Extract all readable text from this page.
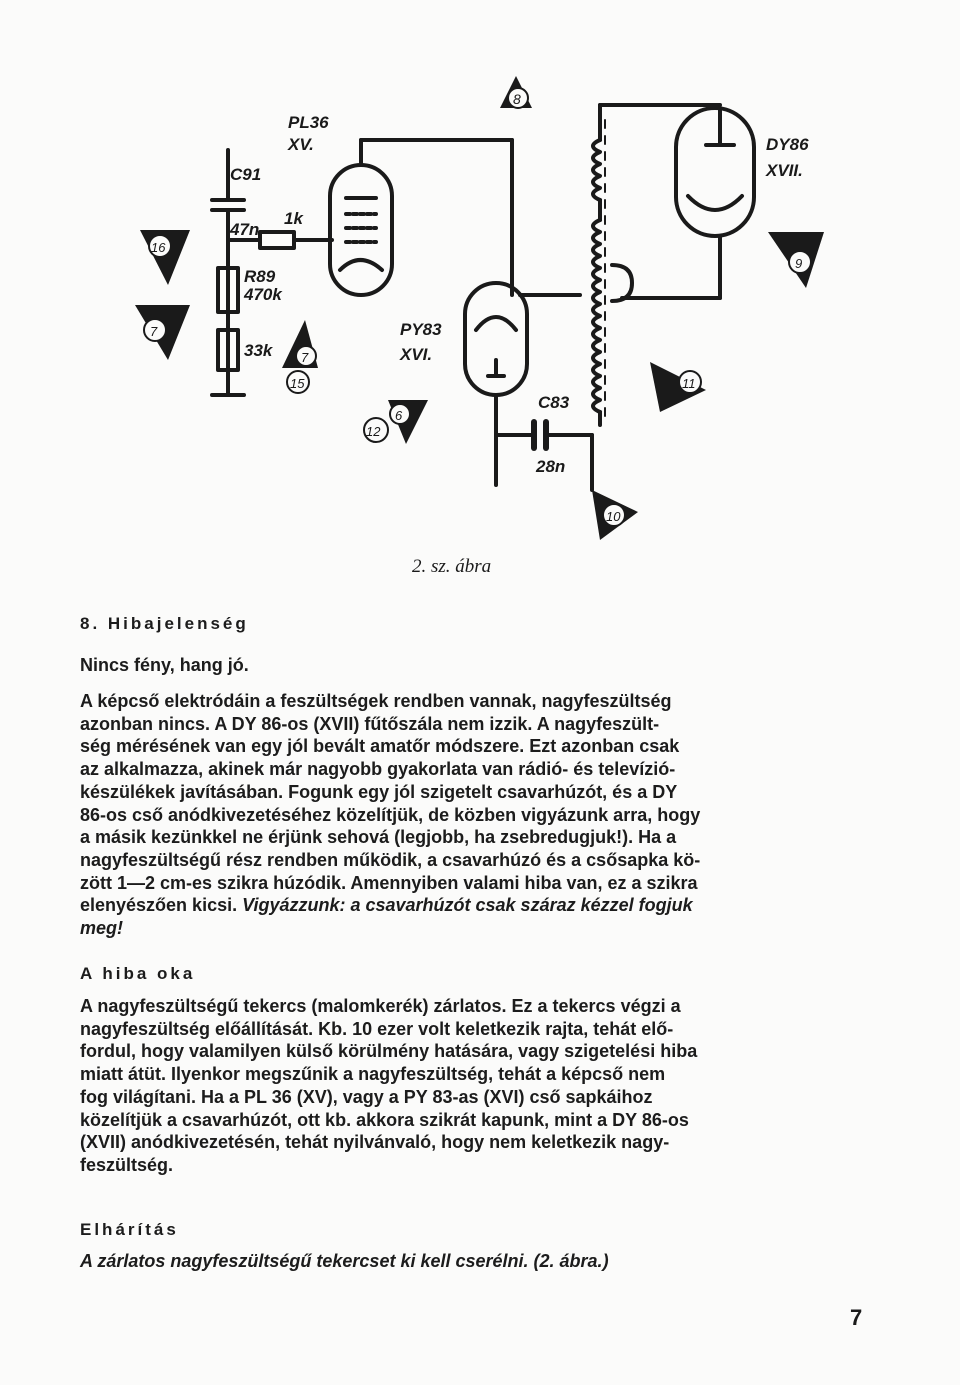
PL36
XV.
C91
47n
1k
R89
470k
33k
PY83
XVI.
DY86
XVII.
C83
28n
8
16
9
7
7
15	11
12
6
10
2. sz. ábra
8. Hibajelenség
Nincs fény, hang jó.
A képcső elektródáin a feszültségek rendben vannak, nagyfeszültség
azonban nincs. A DY 86-os (XVII) fűtőszála nem izzik. A nagyfeszült-
ség mérésének van egy jól bevált amatőr módszere. Ezt azonban csak
az alkalmazza, akinek már nagyobb gyakorlata van rádió- és televízió-
készülékek javításában. Fogunk egy jól szigetelt csavarhúzót, és a DY
86-os cső anódkivezetéséhez közelítjük, de közben vigyázunk arra, hogy
a másik kezünkkel ne érjünk sehová (legjobb, ha zsebredugjuk!). Ha a
nagyfeszültségű rész rendben működik, a csavarhúzó és a csősapka kö-
zött 1—2 cm-es szikra húzódik. Amennyiben valami hiba van, ez a szikra
elenyészően kicsi. Vigyázzunk: a csavarhúzót csak száraz kézzel fogjuk
meg!
A hiba oka
A nagyfeszültségű tekercs (malomkerék) zárlatos. Ez a tekercs végzi a
nagyfeszültség előállítását. Kb. 10 ezer volt keletkezik rajta, tehát elő-
fordul, hogy valamilyen külső körülmény hatására, vagy szigetelési hiba
miatt átüt. Ilyenkor megszűnik a nagyfeszültség, tehát a képcső nem
fog világítani. Ha a PL 36 (XV), vagy a PY 83-as (XVI) cső sapkáihoz
közelítjük a csavarhúzót, ott kb. akkora szikrát kapunk, mint a DY 86-os
(XVII) anódkivezetésén, tehát nyilvánvaló, hogy nem keletkezik nagy-
feszültség.
Elhárítás
A zárlatos nagyfeszültségű tekercset ki kell cserélni. (2. ábra.)
7
